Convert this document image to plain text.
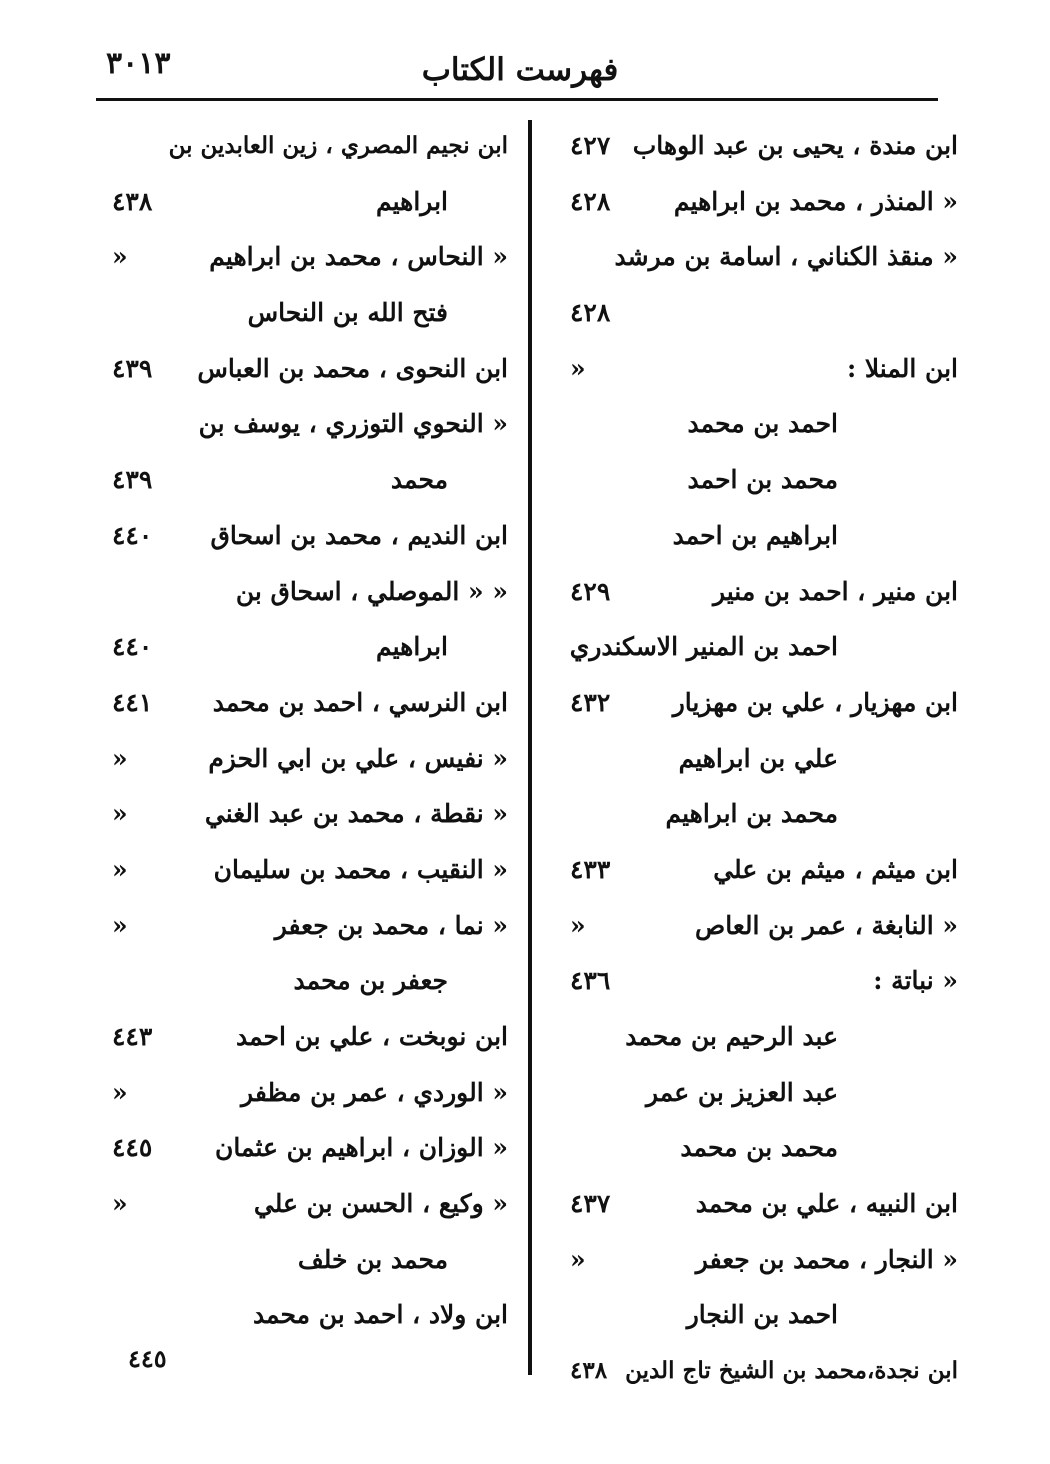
٣٠١٣	فهرست الكتاب
ابن مندة ، يحيى بن عبد الوهاب
٤٢٧
« المنذر ، محمد بن ابراهيم
٤٢٨
« منقذ الكناني ، اسامة بن مرشد
٤٢٨
ابن المنلا :
«
احمد بن محمد
محمد بن احمد
ابراهيم بن احمد
ابن منير ، احمد بن منير
٤٢٩
احمد بن المنير الاسكندري
ابن مهزيار ، علي بن مهزيار
٤٣٢
علي بن ابراهيم
محمد بن ابراهيم
ابن ميثم ، ميثم بن علي
٤٣٣
« النابغة ، عمر بن العاص
«
« نباتة :
٤٣٦
عبد الرحيم بن محمد
عبد العزيز بن عمر
محمد بن محمد
ابن النبيه ، علي بن محمد
٤٣٧
« النجار ، محمد بن جعفر
«
احمد بن النجار
ابن نجدة،محمد بن الشيخ تاج الدين
٤٣٨
ابن نجيم المصري ، زين العابدين بن
ابراهيم
٤٣٨
« النحاس ، محمد بن ابراهيم
«
فتح الله بن النحاس
ابن النحوى ، محمد بن العباس
٤٣٩
« النحوي التوزري ، يوسف بن
محمد
٤٣٩
ابن النديم ، محمد بن اسحاق
٤٤٠
« « الموصلي ، اسحاق بن
ابراهيم
٤٤٠
ابن النرسي ، احمد بن محمد
٤٤١
« نفيس ، علي بن ابي الحزم
«
« نقطة ، محمد بن عبد الغني
«
« النقيب ، محمد بن سليمان
«
« نما ، محمد بن جعفر
«
جعفر بن محمد
ابن نوبخت ، علي بن احمد
٤٤٣
« الوردي ، عمر بن مظفر
«
« الوزان ، ابراهيم بن عثمان
٤٤٥
« وكيع ، الحسن بن علي
«
محمد بن خلف
ابن ولاد ، احمد بن محمد
٤٤٥
